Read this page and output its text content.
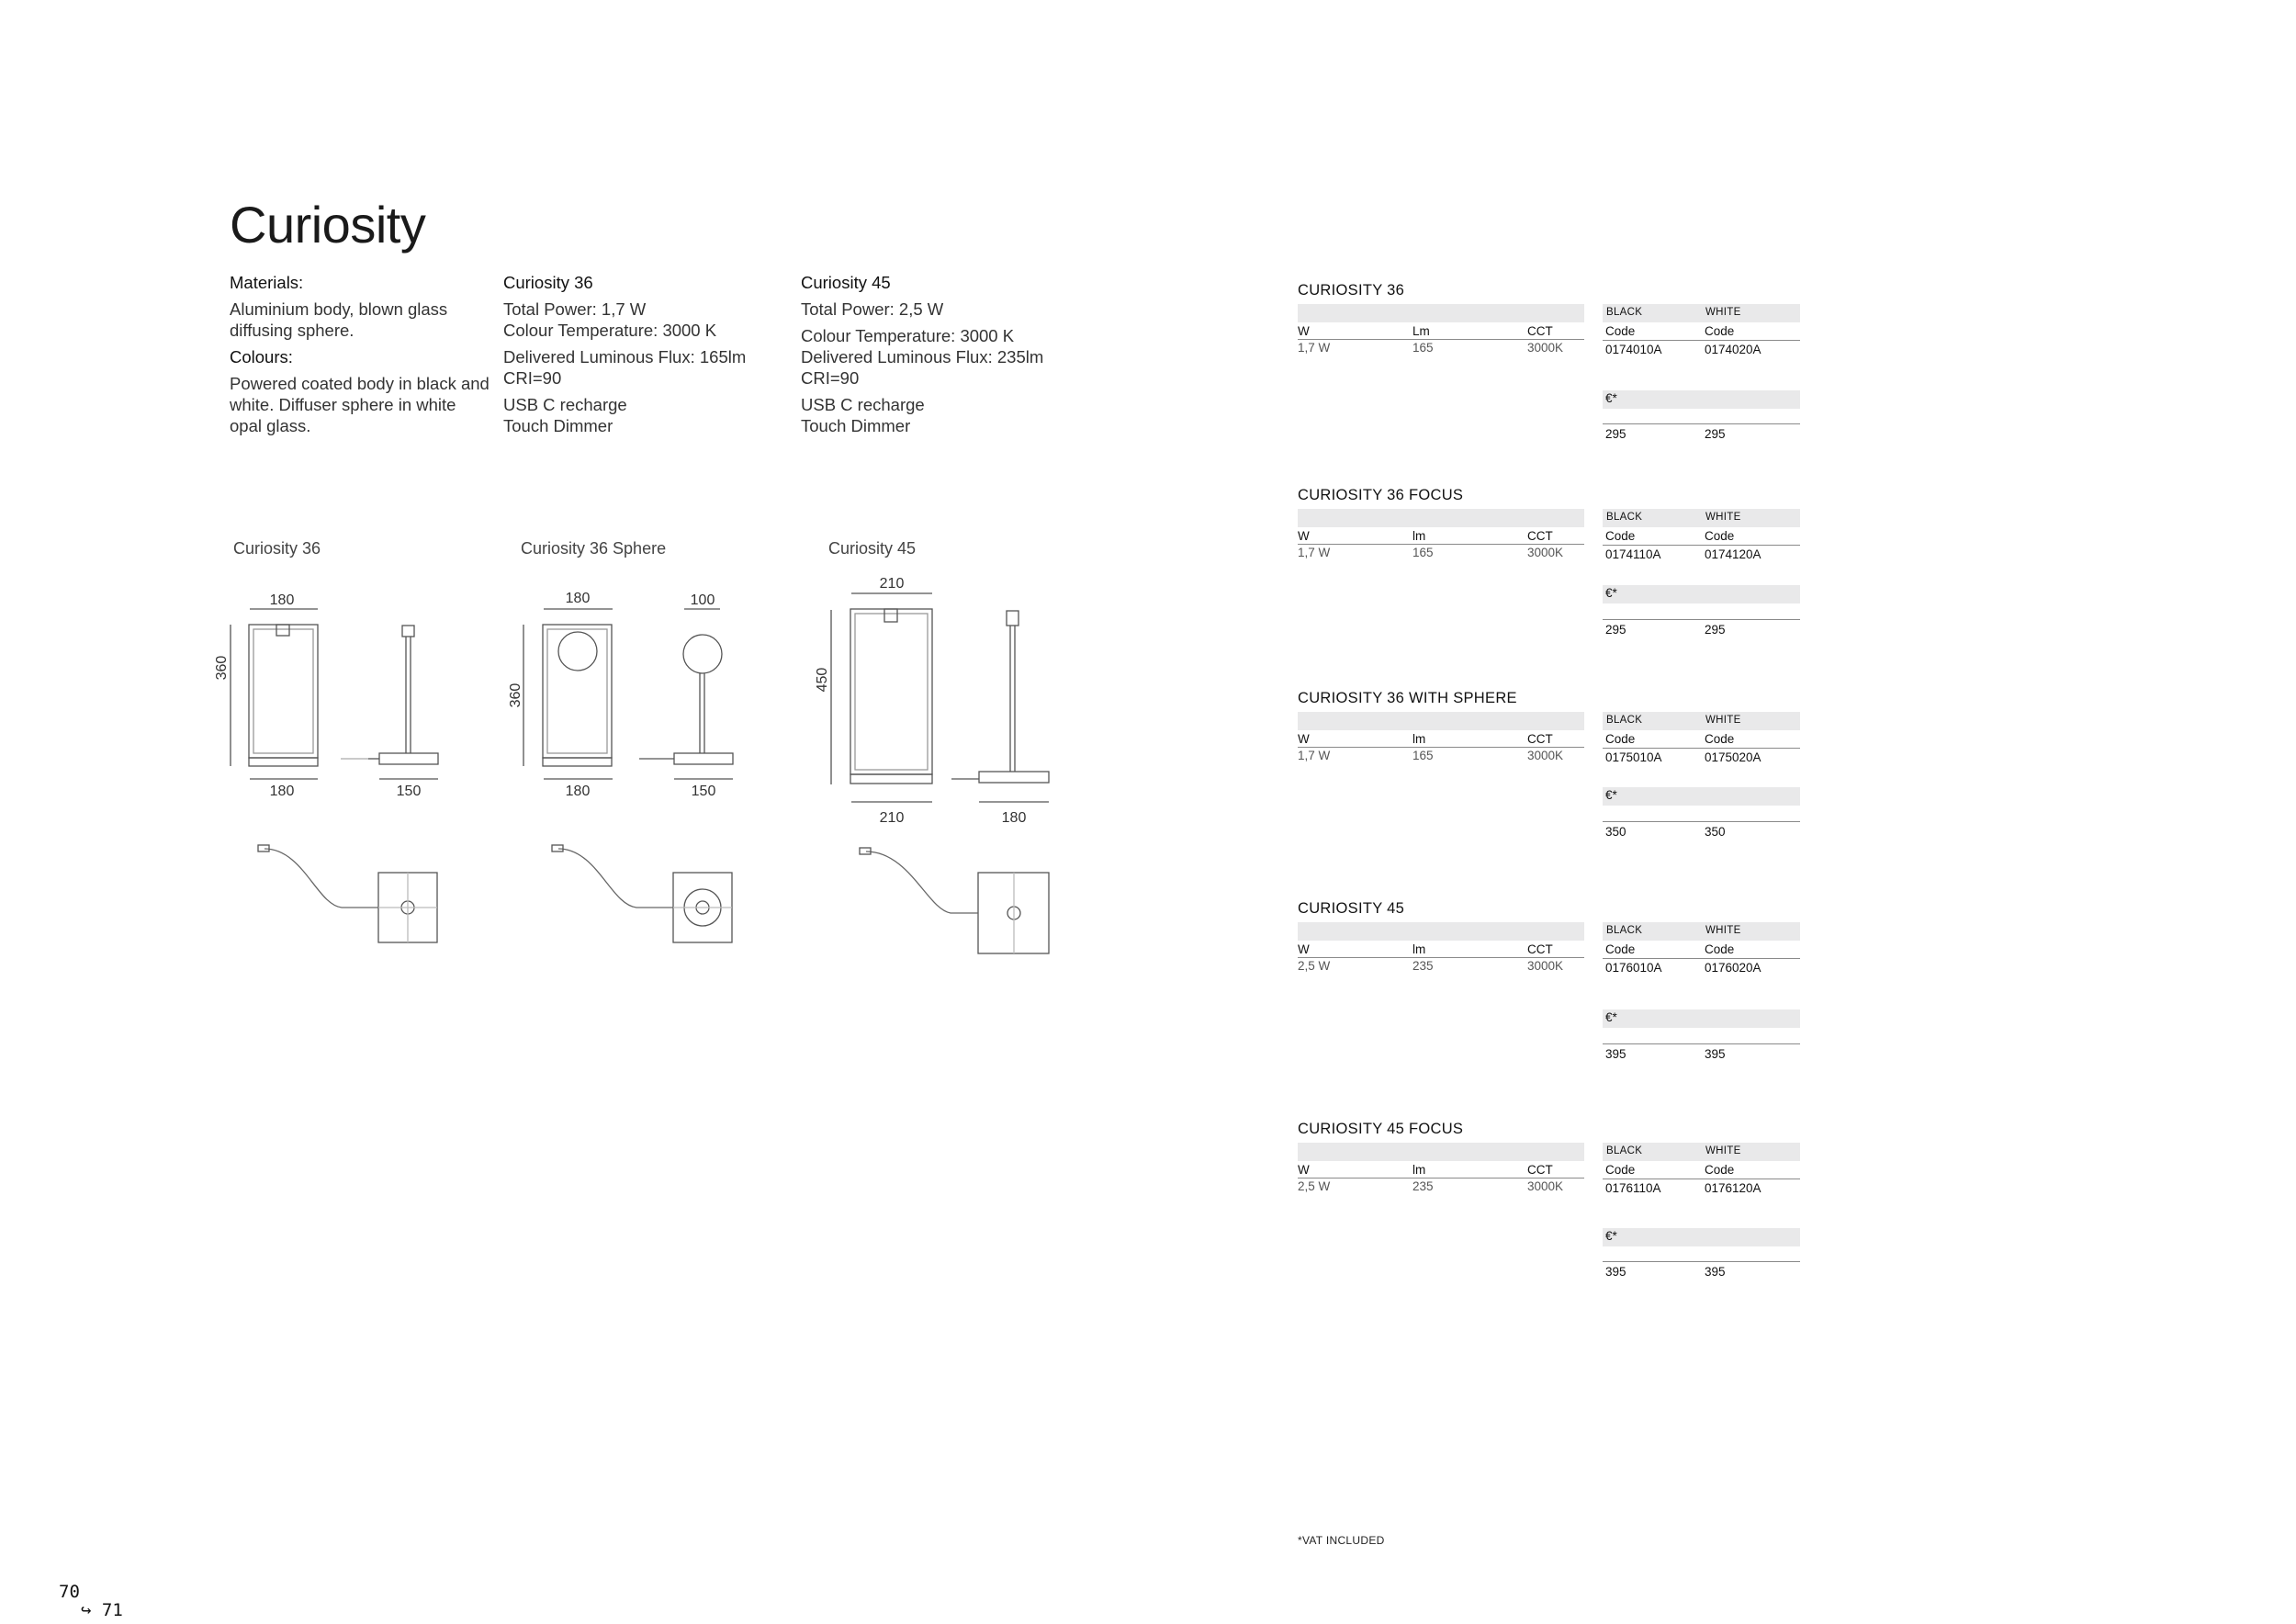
Curiosity
Materials:
Aluminium body, blown glass
diffusing sphere.
Colours:
Powered coated body in black and
white. Diffuser sphere in white
opal glass.
Curiosity 36
Total Power: 1,7 W
Colour Temperature: 3000 K
Delivered Luminous Flux: 165lm
CRI=90
USB C recharge
Touch Dimmer
Curiosity 45
Total Power: 2,5 W
Colour Temperature: 3000 K
Delivered Luminous Flux: 235lm
CRI=90
USB C recharge
Touch Dimmer
Curiosity 36	Curiosity 36 Sphere	Curiosity 45
180
360
180	150
180	100
360
180	150
210
450
210	180
CURIOSITY 36
W	Lm	CCT
1,7 W	165	3000K
BLACK	WHITE
Code	Code
0174010A	0174020A
€*
295	295
CURIOSITY 36 FOCUS
W	lm	CCT
1,7 W	165	3000K
BLACK	WHITE
Code	Code
0174110A	0174120A
€*
295	295
CURIOSITY 36 WITH SPHERE
W	lm	CCT
1,7 W	165	3000K
BLACK	WHITE
Code	Code
0175010A	0175020A
€*
350	350
CURIOSITY 45
W	lm	CCT
2,5 W	235	3000K
BLACK	WHITE
Code	Code
0176010A	0176020A
€*
395	395
CURIOSITY 45 FOCUS
W	lm	CCT
2,5 W	235	3000K
BLACK	WHITE
Code	Code
0176110A	0176120A
€*
395	395
*VAT INCLUDED
70
↪ 71
